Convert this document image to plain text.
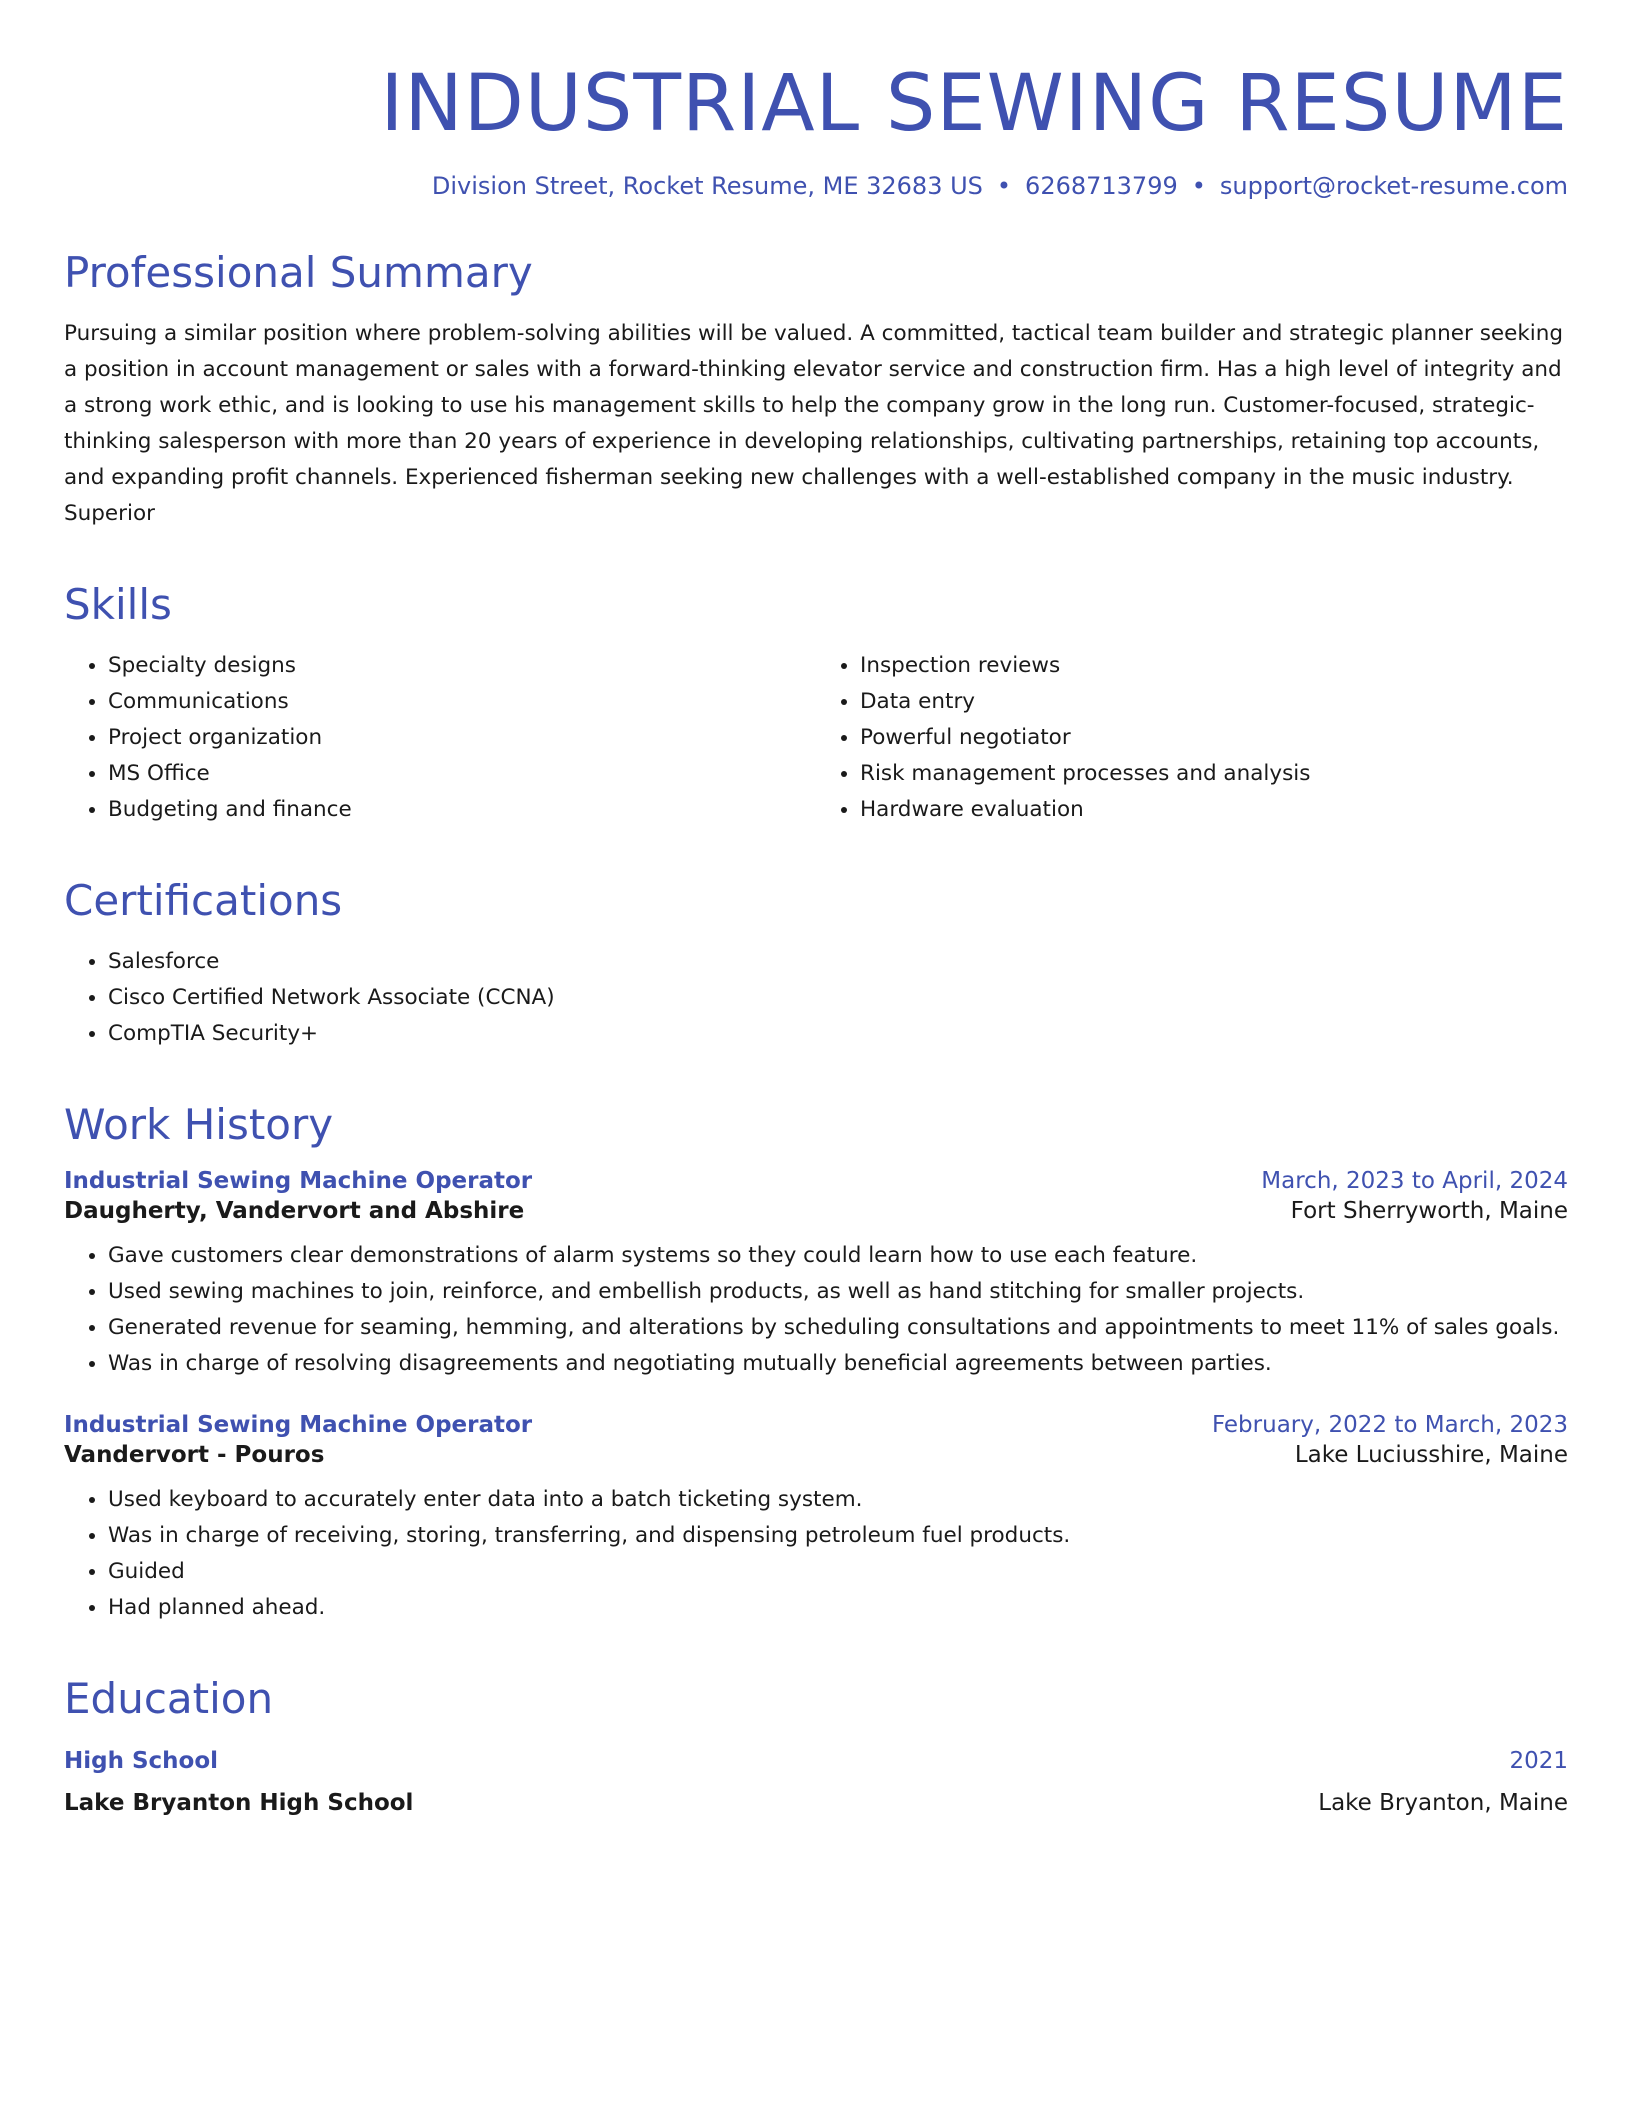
INDUSTRIAL SEWING RESUME
Division Street, Rocket Resume, ME 32683 US • 6268713799 • support@rocket-resume.com
Professional Summary

Pursuing a similar position where problem-solving abilities will be valued. A committed, tactical team builder and strategic planner seeking a position in account management or sales with a forward-thinking elevator service and construction firm. Has a high level of integrity and a strong work ethic, and is looking to use his management skills to help the company grow in the long run. Customer-focused, strategic-thinking salesperson with more than 20 years of experience in developing relationships, cultivating partnerships, retaining top accounts, and expanding profit channels. Experienced fisherman seeking new challenges with a well-established company in the music industry. Superior

Skills
• Specialty designs
• Communications
• Project organization
• MS Office
• Budgeting and finance
• Inspection reviews
• Data entry
• Powerful negotiator
• Risk management processes and analysis
• Hardware evaluation
Certifications
• Salesforce
• Cisco Certified Network Associate (CCNA)
• CompTIA Security+
Work History
Industrial Sewing Machine Operator	March, 2023 to April, 2024
Daugherty, Vandervort and Abshire	Fort Sherryworth, Maine
• Gave customers clear demonstrations of alarm systems so they could learn how to use each feature.
• Used sewing machines to join, reinforce, and embellish products, as well as hand stitching for smaller projects.
• Generated revenue for seaming, hemming, and alterations by scheduling consultations and appointments to meet 11% of sales goals.
• Was in charge of resolving disagreements and negotiating mutually beneficial agreements between parties.
Industrial Sewing Machine Operator	February, 2022 to March, 2023
Vandervort - Pouros	Lake Luciusshire, Maine
• Used keyboard to accurately enter data into a batch ticketing system.
• Was in charge of receiving, storing, transferring, and dispensing petroleum fuel products.
• Guided
• Had planned ahead.
Education
High School	2021
Lake Bryanton High School	Lake Bryanton, Maine
